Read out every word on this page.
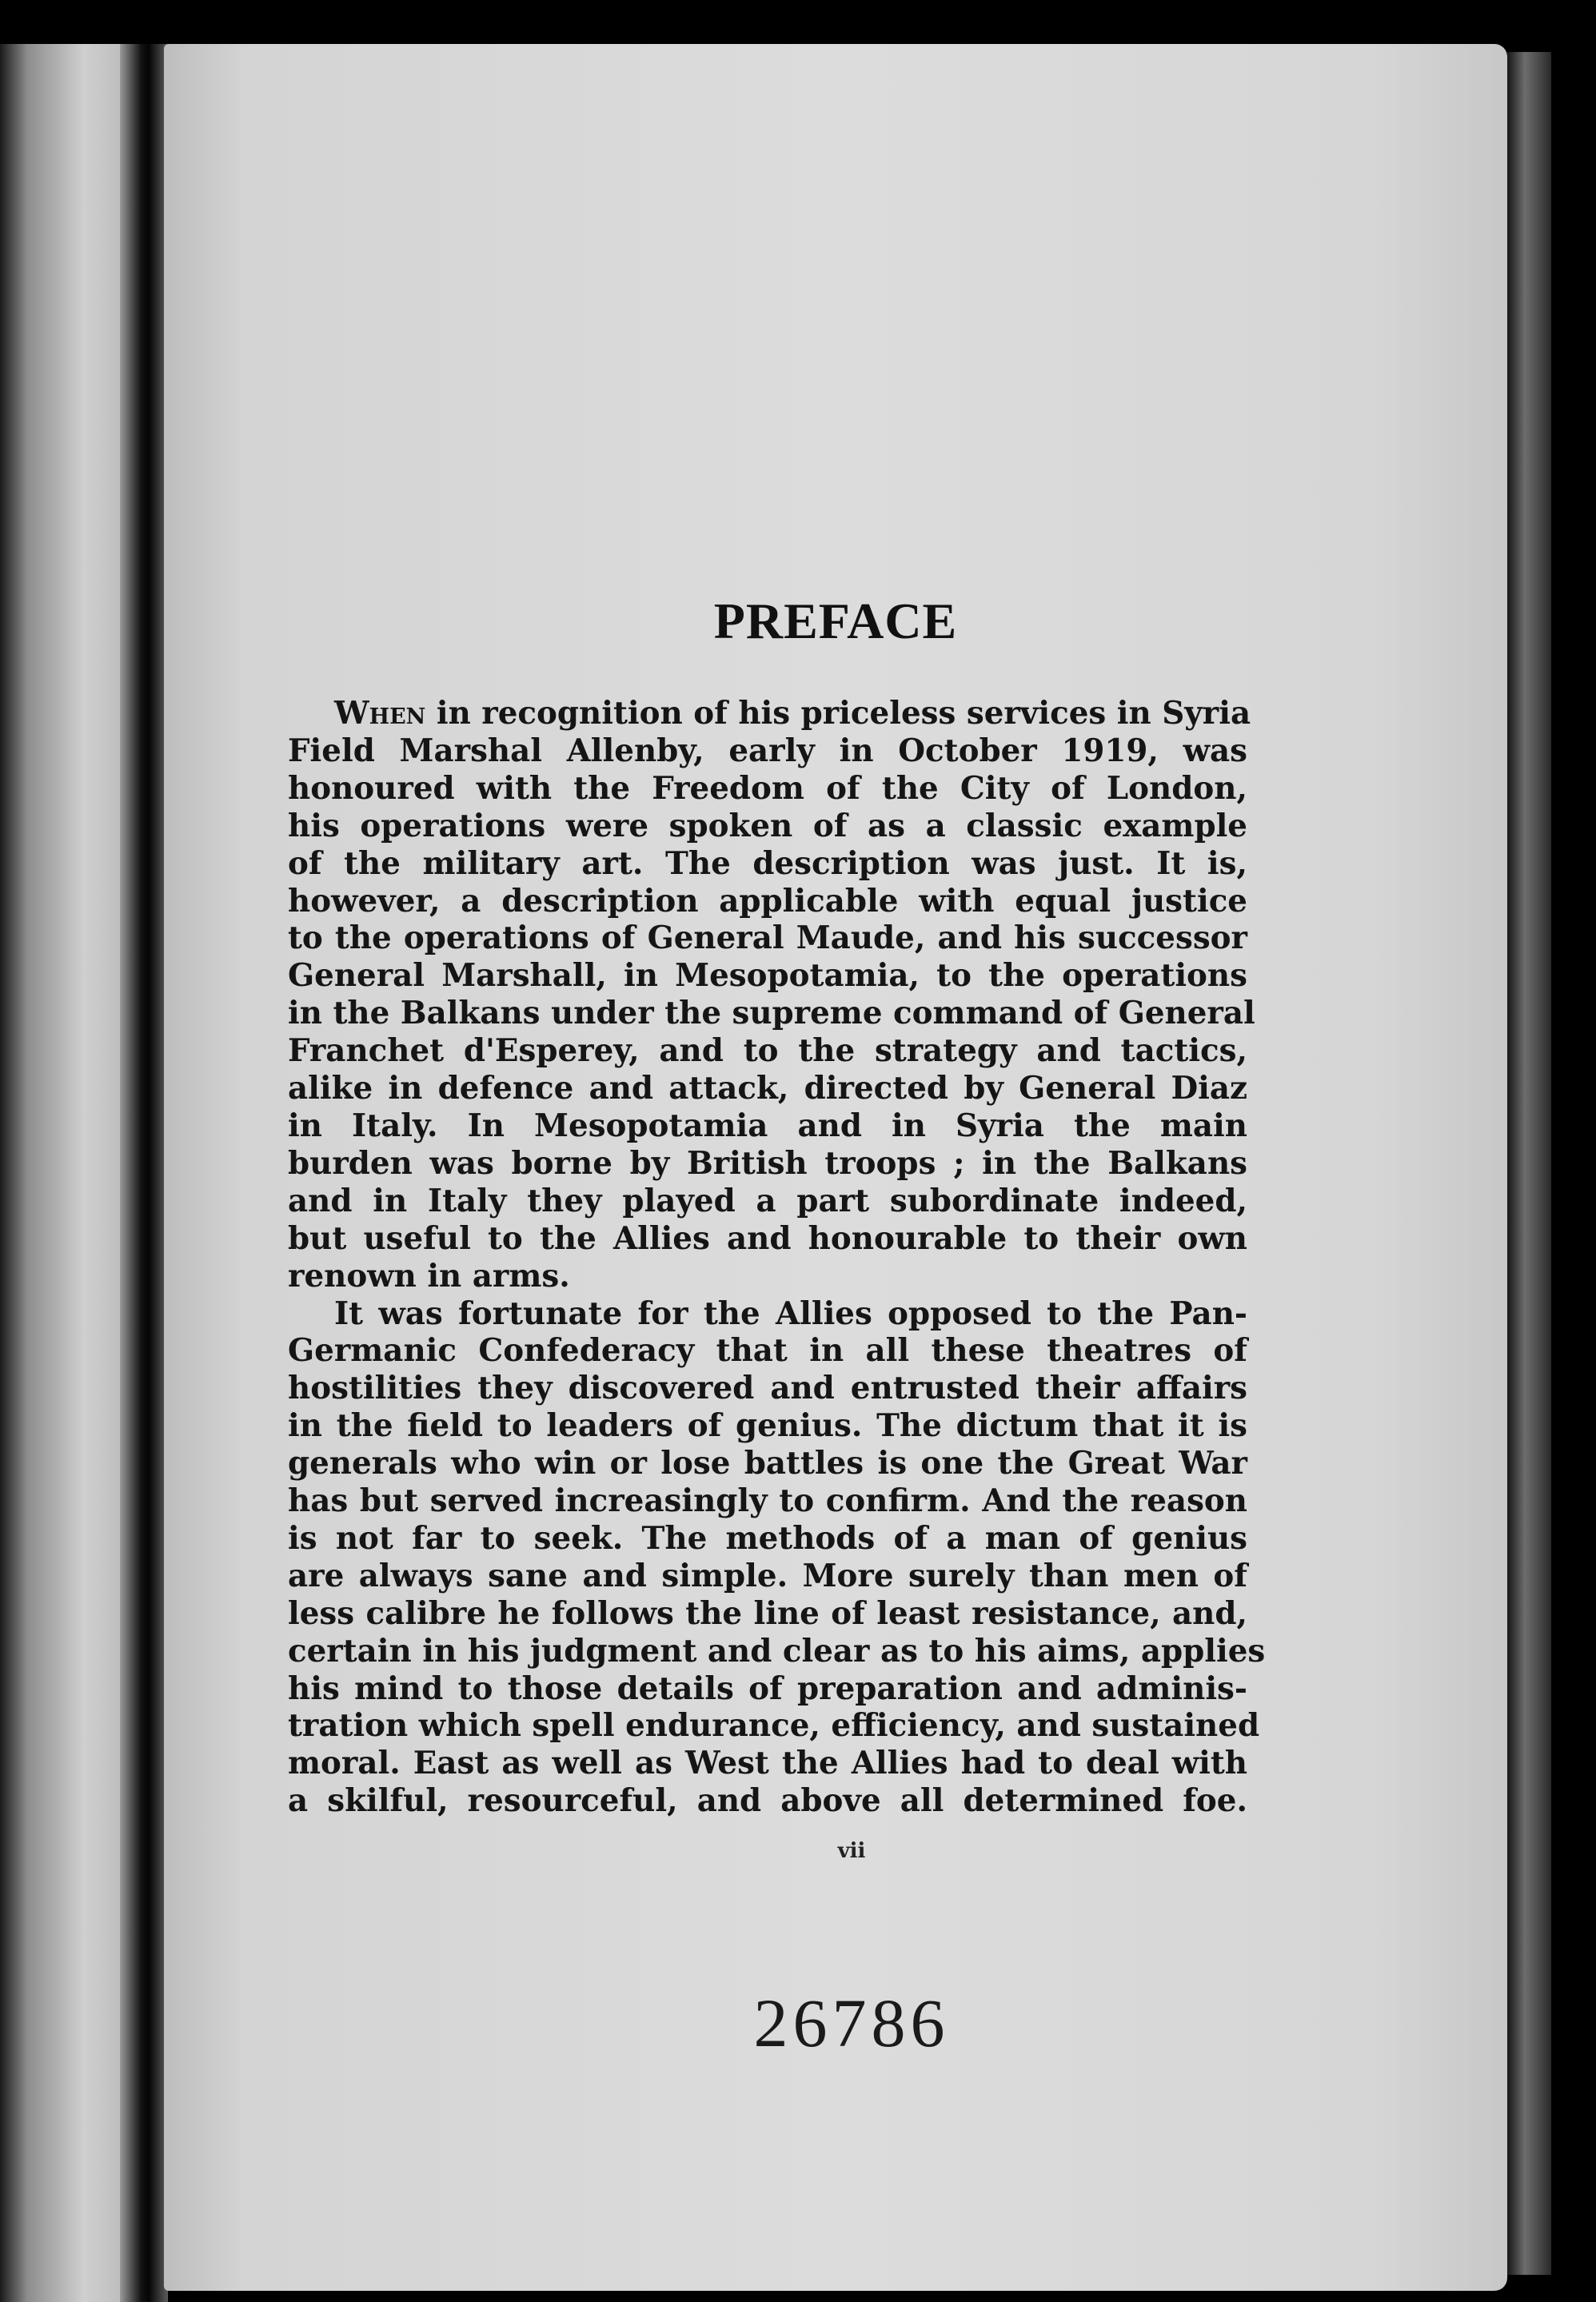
PREFACE
When in recognition of his priceless services in Syria
Field Marshal Allenby, early in October 1919, was
honoured with the Freedom of the City of London,
his operations were spoken of as a classic example
of the military art. The description was just. It is,
however, a description applicable with equal justice
to the operations of General Maude, and his successor
General Marshall, in Mesopotamia, to the operations
in the Balkans under the supreme command of General
Franchet d'Esperey, and to the strategy and tactics,
alike in defence and attack, directed by General Diaz
in Italy. In Mesopotamia and in Syria the main
burden was borne by British troops ; in the Balkans
and in Italy they played a part subordinate indeed,
but useful to the Allies and honourable to their own
renown in arms.
It was fortunate for the Allies opposed to the Pan-
Germanic Confederacy that in all these theatres of
hostilities they discovered and entrusted their affairs
in the field to leaders of genius. The dictum that it is
generals who win or lose battles is one the Great War
has but served increasingly to confirm. And the reason
is not far to seek. The methods of a man of genius
are always sane and simple. More surely than men of
less calibre he follows the line of least resistance, and,
certain in his judgment and clear as to his aims, applies
his mind to those details of preparation and adminis-
tration which spell endurance, efficiency, and sustained
moral. East as well as West the Allies had to deal with
a skilful, resourceful, and above all determined foe.
vii
26786
